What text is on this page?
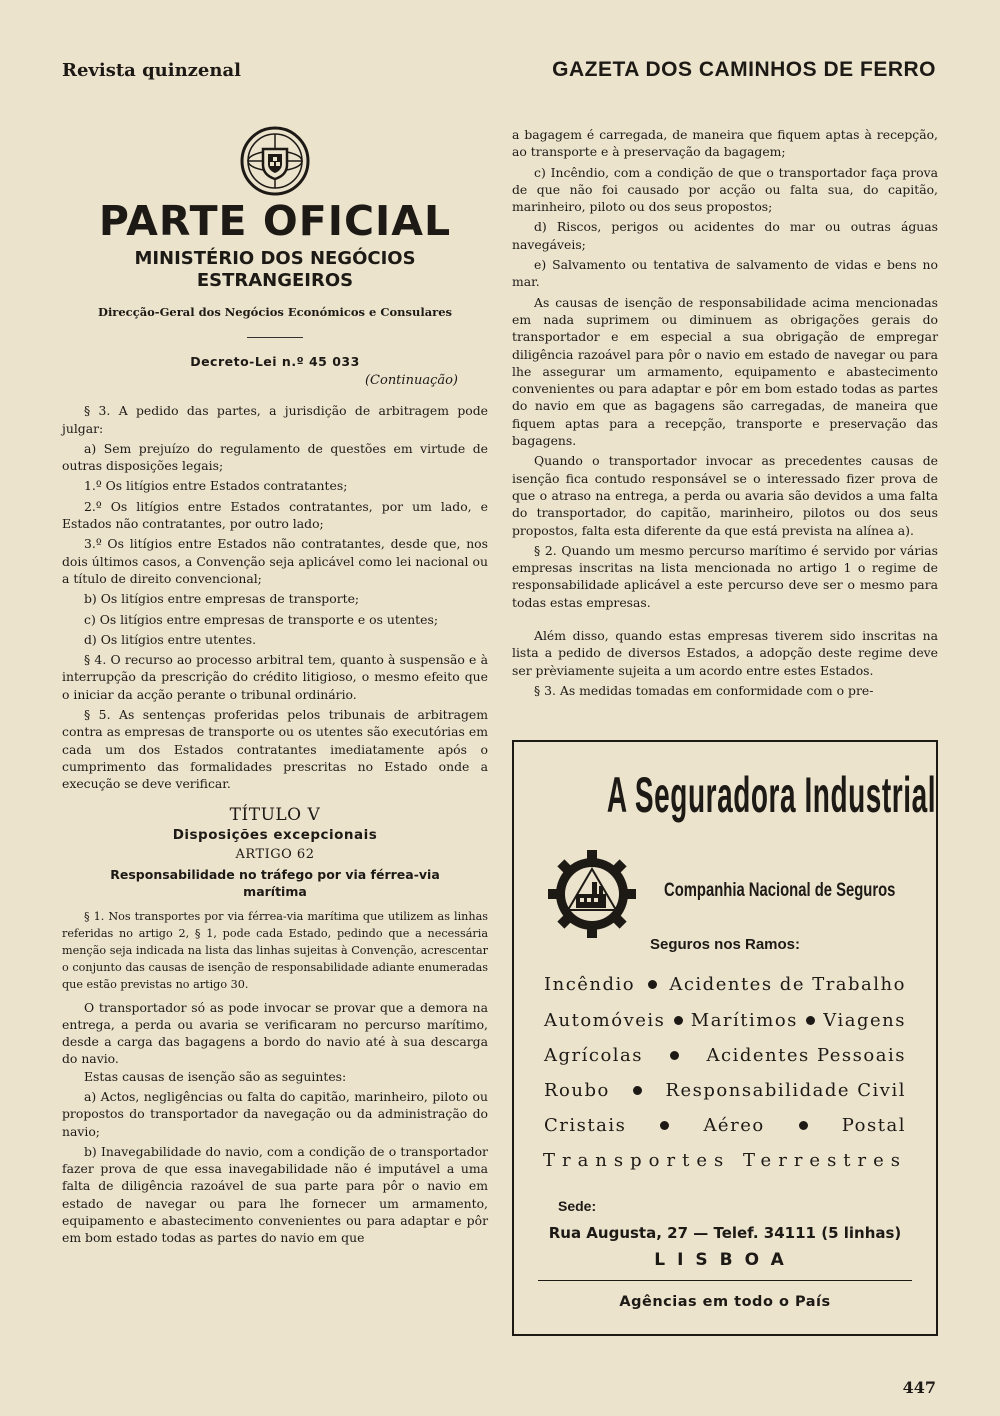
Revista quinzenal	GAZETA DOS CAMINHOS DE FERRO
PARTE OFICIAL
MINISTÉRIO DOS NEGÓCIOS ESTRANGEIROS
Direcção-Geral dos Negócios Económicos e Consulares
Decreto-Lei n.º 45 033
(Continuação)

§ 3. A pedido das partes, a jurisdição de arbitragem pode julgar:

a) Sem prejuízo do regulamento de questões em virtude de outras disposições legais;

1.º Os litígios entre Estados contratantes;

2.º Os litígios entre Estados contratantes, por um lado, e Estados não contratantes, por outro lado;

3.º Os litígios entre Estados não contratantes, desde que, nos dois últimos casos, a Convenção seja aplicável como lei nacional ou a título de direito convencional;

b) Os litígios entre empresas de transporte;

c) Os litígios entre empresas de transporte e os utentes;

d) Os litígios entre utentes.

§ 4. O recurso ao processo arbitral tem, quanto à suspensão e à interrupção da prescrição do crédito litigioso, o mesmo efeito que o iniciar da acção perante o tribunal ordinário.

§ 5. As sentenças proferidas pelos tribunais de arbitragem contra as empresas de transporte ou os utentes são executórias em cada um dos Estados contratantes imediatamente após o cumprimento das formalidades prescritas no Estado onde a execução se deve verificar.

TÍTULO V
Disposições excepcionais
ARTIGO 62
Responsabilidade no tráfego por via férrea-via marítima

§ 1. Nos transportes por via férrea-via marítima que utilizem as linhas referidas no artigo 2, § 1, pode cada Estado, pedindo que a necessária menção seja indicada na lista das linhas sujeitas à Convenção, acrescentar o conjunto das causas de isenção de responsabilidade adiante enumeradas que estão previstas no artigo 30.

O transportador só as pode invocar se provar que a demora na entrega, a perda ou avaria se verificaram no percurso marítimo, desde a carga das bagagens a bordo do navio até à sua descarga do navio.

Estas causas de isenção são as seguintes:

a) Actos, negligências ou falta do capitão, marinheiro, piloto ou propostos do transportador da navegação ou da administração do navio;

b) Inavegabilidade do navio, com a condição de o transportador fazer prova de que essa inavegabilidade não é imputável a uma falta de diligência razoável de sua parte para pôr o navio em estado de navegar ou para lhe fornecer um armamento, equipamento e abastecimento convenientes ou para adaptar e pôr em bom estado todas as partes do navio em que

a bagagem é carregada, de maneira que fiquem aptas à recepção, ao transporte e à preservação da bagagem;

c) Incêndio, com a condição de que o transportador faça prova de que não foi causado por acção ou falta sua, do capitão, marinheiro, piloto ou dos seus propostos;

d) Riscos, perigos ou acidentes do mar ou outras águas navegáveis;

e) Salvamento ou tentativa de salvamento de vidas e bens no mar.

As causas de isenção de responsabilidade acima mencionadas em nada suprimem ou diminuem as obrigações gerais do transportador e em especial a sua obrigação de empregar diligência razoável para pôr o navio em estado de navegar ou para lhe assegurar um armamento, equipamento e abastecimento convenientes ou para adaptar e pôr em bom estado todas as partes do navio em que as bagagens são carregadas, de maneira que fiquem aptas para a recepção, transporte e preservação das bagagens.

Quando o transportador invocar as precedentes causas de isenção fica contudo responsável se o interessado fizer prova de que o atraso na entrega, a perda ou avaria são devidos a uma falta do transportador, do capitão, marinheiro, pilotos ou dos seus propostos, falta esta diferente da que está prevista na alínea a).

§ 2. Quando um mesmo percurso marítimo é servido por várias empresas inscritas na lista mencionada no artigo 1 o regime de responsabilidade aplicável a este percurso deve ser o mesmo para todas estas empresas.

Além disso, quando estas empresas tiverem sido inscritas na lista a pedido de diversos Estados, a adopção deste regime deve ser prèviamente sujeita a um acordo entre estes Estados.

§ 3. As medidas tomadas em conformidade com o pre-

A Seguradora Industrial
Companhia Nacional de Seguros
Seguros nos Ramos:
Incêndio Acidentes de Trabalho
Automóveis Marítimos Viagens
Agrícolas	Acidentes Pessoais
Roubo	Responsabilidade Civil
Cristais	Aéreo	Postal
Transportes Terrestres
Sede:
Rua Augusta, 27 — Telef. 34111 (5 linhas)
LISBOA
Agências em todo o País
447
